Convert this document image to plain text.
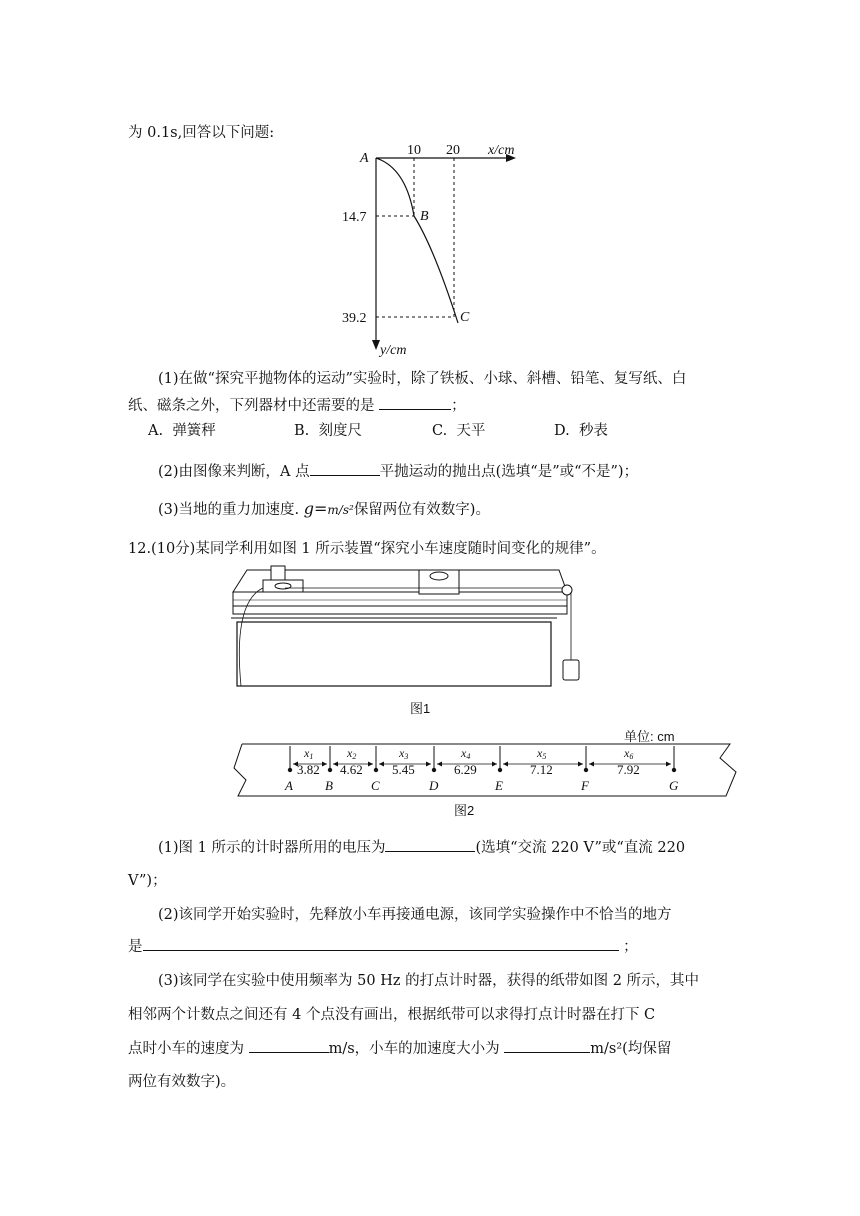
为 0.1s,回答以下问题:
10 20 x/cm
A
14.7
39.2
y/cm
B
C
(1)在做“探究平抛物体的运动”实验时，除了铁板、小球、斜槽、铅笔、复写纸、白
纸、磁条之外，下列器材中还需要的是	；
A. 弹簧秤	B. 刻度尺	C. 天平	D. 秒表
(2)由图像来判断，A 点	平抛运动的抛出点(选填“是”或“不是”)；
(3)当地的重力加速度. g=m/s²保留两位有效数字)。
12.(10分)某同学利用如图 1 所示装置“探究小车速度随时间变化的规律”。
图1
单位: cm
A B	C	D	E	F	G
x1
3.82
x2
4.62
x3
5.45
x4
6.29
x5
7.12
x6
7.92
图2
(1)图 1 所示的计时器所用的电压为	(选填“交流 220 V”或“直流 220
V”)；
(2)该同学开始实验时，先释放小车再接通电源，该同学实验操作中不恰当的地方
是	；
(3)该同学在实验中使用频率为 50 Hz 的打点计时器，获得的纸带如图 2 所示，其中
相邻两个计数点之间还有 4 个点没有画出，根据纸带可以求得打点计时器在打下 C
点时小车的速度为	m/s，小车的加速度大小为	m/s²(均保留
两位有效数字)。
